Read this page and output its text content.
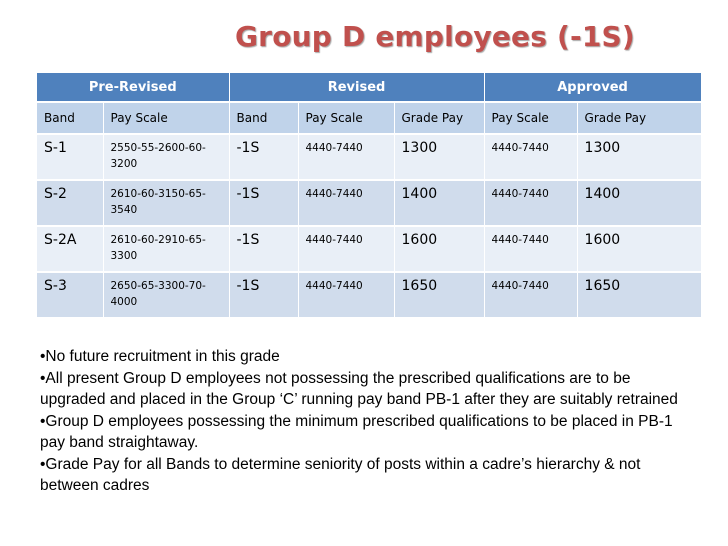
Group D employees (-1S)
Pre-Revised		Revised			Approved	
Band	Pay Scale	Band	Pay Scale	Grade Pay	Pay Scale	Grade Pay
S-1	2550-55-2600-60-3200	-1S	4440-7440	1300	4440-7440	1300
S-2	2610-60-3150-65-3540	-1S	4440-7440	1400	4440-7440	1400
S-2A	2610-60-2910-65-3300	-1S	4440-7440	1600	4440-7440	1600
S-3	2650-65-3300-70-4000	-1S	4440-7440	1650	4440-7440	1650
•No future recruitment in this grade
•All present Group D employees not possessing the prescribed qualifications are to be upgraded and placed in the Group ‘C’ running pay band PB-1 after they are suitably retrained
•Group D employees possessing the minimum prescribed qualifications to be placed in PB-1 pay band straightaway.
•Grade Pay for all Bands to determine seniority of posts within a cadre’s hierarchy & not between cadres
